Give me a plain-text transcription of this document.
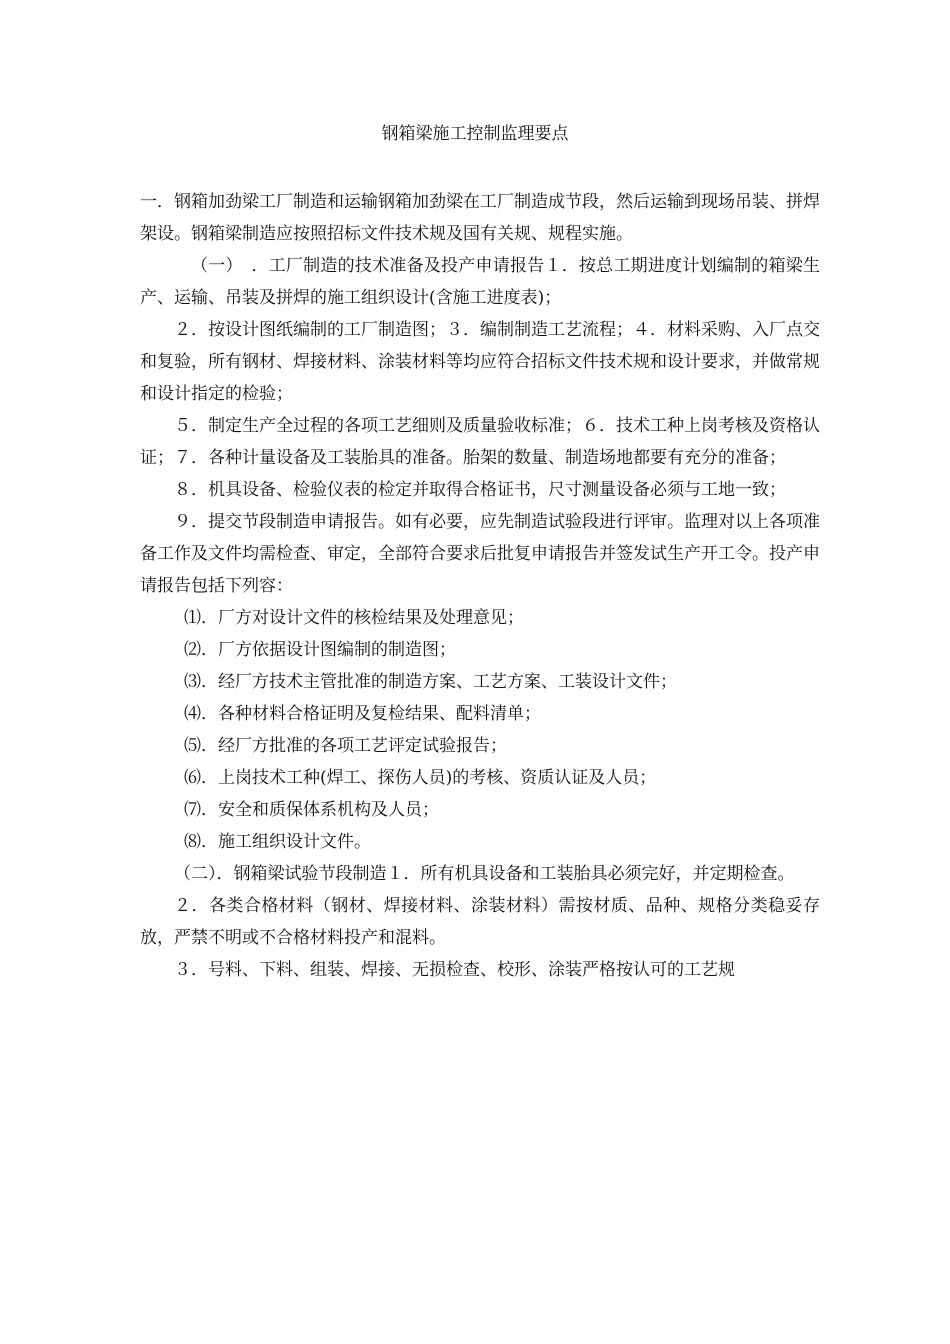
钢箱梁施工控制监理要点

一．钢箱加劲梁工厂制造和运输钢箱加劲梁在工厂制造成节段，然后运输到现场吊装、拼焊架设。钢箱梁制造应按照招标文件技术规及国有关规、规程实施。

（一）　．工厂制造的技术准备及投产申请报告１．按总工期进度计划编制的箱梁生产、运输、吊装及拼焊的施工组织设计(含施工进度表)；

２．按设计图纸编制的工厂制造图；３．编制制造工艺流程；４．材料采购、入厂点交和复验，所有钢材、焊接材料、涂装材料等均应符合招标文件技术规和设计要求，并做常规和设计指定的检验；

５．制定生产全过程的各项工艺细则及质量验收标准；６．技术工种上岗考核及资格认证；７．各种计量设备及工装胎具的准备。胎架的数量、制造场地都要有充分的准备；

８．机具设备、检验仪表的检定并取得合格证书，尺寸测量设备必须与工地一致；

９．提交节段制造申请报告。如有必要，应先制造试验段进行评审。监理对以上各项准备工作及文件均需检查、审定，全部符合要求后批复申请报告并签发试生产开工令。投产申请报告包括下列容：

⑴．厂方对设计文件的核检结果及处理意见；

⑵．厂方依据设计图编制的制造图；

⑶．经厂方技术主管批准的制造方案、工艺方案、工装设计文件；

⑷．各种材料合格证明及复检结果、配料清单；

⑸．经厂方批准的各项工艺评定试验报告；

⑹．上岗技术工种(焊工、探伤人员)的考核、资质认证及人员；

⑺．安全和质保体系机构及人员；

⑻．施工组织设计文件。

（二）．钢箱梁试验节段制造１．所有机具设备和工装胎具必须完好，并定期检查。

２．各类合格材料（钢材、焊接材料、涂装材料）需按材质、品种、规格分类稳妥存放，严禁不明或不合格材料投产和混料。

３．号料、下料、组装、焊接、无损检查、校形、涂装严格按认可的工艺规
